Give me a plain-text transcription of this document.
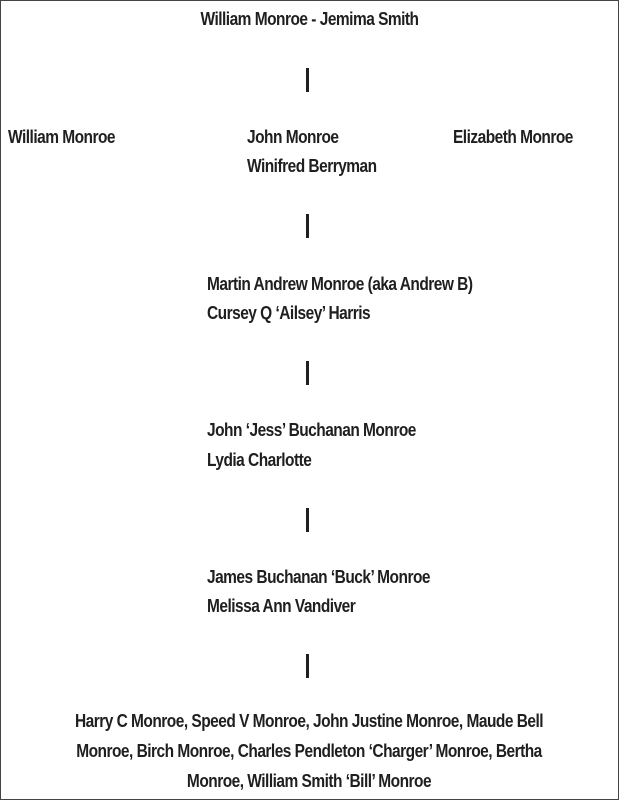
William Monroe - Jemima Smith
William Monroe	John Monroe
Winifred Berryman
Elizabeth Monroe
Martin Andrew Monroe (aka Andrew B)
Cursey Q ‘Ailsey’ Harris
John ‘Jess’ Buchanan Monroe
Lydia Charlotte
James Buchanan ‘Buck’ Monroe
Melissa Ann Vandiver
Harry C Monroe, Speed V Monroe, John Justine Monroe, Maude Bell
Monroe, Birch Monroe, Charles Pendleton ‘Charger’ Monroe, Bertha
Monroe, William Smith ‘Bill’ Monroe
